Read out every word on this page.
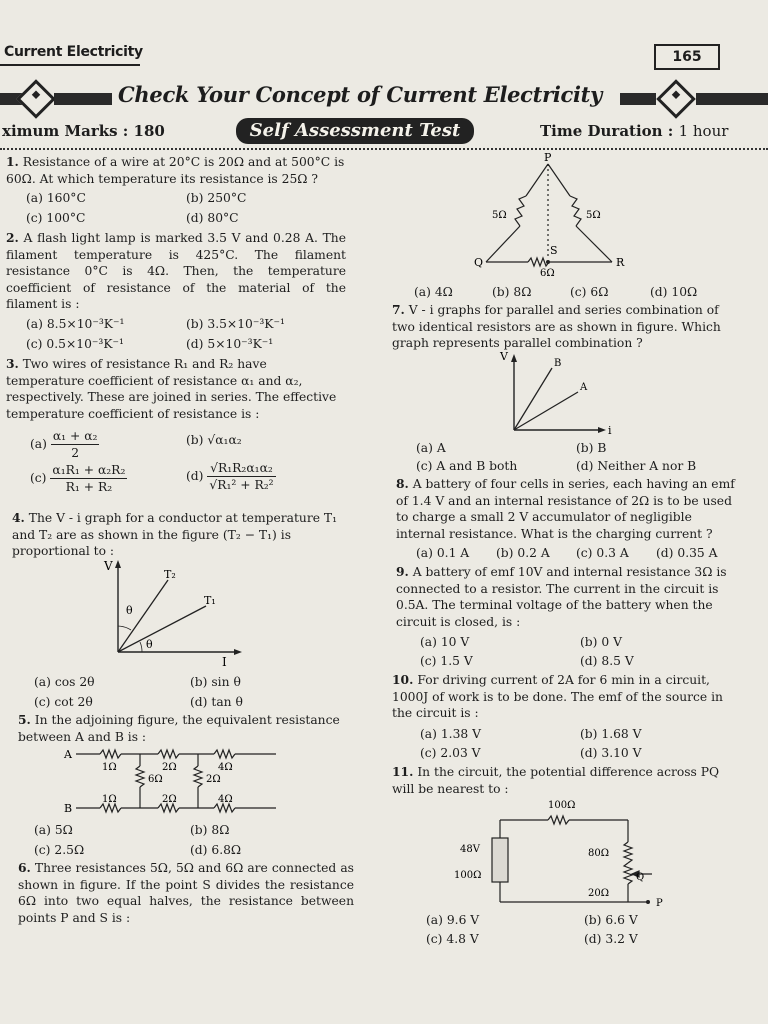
Current Electricity	165
Check Your Concept of Current Electricity
ximum Marks : 180	Self Assessment Test	Time Duration : 1 hour
1. Resistance of a wire at 20°C is 20Ω and at 500°C is 60Ω. At which temperature its resistance is 25Ω ?
(a) 160°C	(b) 250°C
(c) 100°C	(d) 80°C
2. A flash light lamp is marked 3.5 V and 0.28 A. The filament temperature is 425°C. The filament resistance 0°C is 4Ω. Then, the temperature coefficient of resistance of the material of the filament is :
(a) 8.5×10⁻³K⁻¹	(b) 3.5×10⁻³K⁻¹
(c) 0.5×10⁻³K⁻¹	(d) 5×10⁻³K⁻¹
3. Two wires of resistance R₁ and R₂ have temperature coefficient of resistance α₁ and α₂, respectively. These are joined in series. The effective temperature coefficient of resistance is :
$(a) \frac{\text{α₁ + α₂}}{2}$	(b) √α₁α₂
$(c) \frac{\text{α₁R₁ + α₂R₂}}{\text{R₁ + R₂}}$	$(d) \frac{\text{√R₁R₂α₁α₂}}{\text{√R₁² + R₂²}}$
4. The V - i graph for a conductor at temperature T₁ and T₂ are as shown in the figure (T₂ − T₁) is proportional to :
V
I
T₂
T₁
θ
θ
(a) cos 2θ	(b) sin θ
(c) cot 2θ	(d) tan θ
5. In the adjoining figure, the equivalent resistance between A and B is :
A
B
1Ω	2Ω	4Ω
6Ω	2Ω
1Ω	2Ω	4Ω
(a) 5Ω	(b) 8Ω
(c) 2.5Ω	(d) 6.8Ω
6. Three resistances 5Ω, 5Ω and 6Ω are connected as shown in figure. If the point S divides the resistance 6Ω into two equal halves, the resistance between points P and S is :
P
Q	R
S
5Ω	5Ω
6Ω
(a) 4Ω	(b) 8Ω	(c) 6Ω	(d) 10Ω
7. V - i graphs for parallel and series combination of two identical resistors are as shown in figure. Which graph represents parallel combination ?
V
i
B
A
(a) A	(b) B
(c) A and B both	(d) Neither A nor B
8. A battery of four cells in series, each having an emf of 1.4 V and an internal resistance of 2Ω is to be used to charge a small 2 V accumulator of negligible internal resistance. What is the charging current ?
(a) 0.1 A (b) 0.2 A (c) 0.3 A (d) 0.35 A
9. A battery of emf 10V and internal resistance 3Ω is connected to a resistor. The current in the circuit is 0.5A. The terminal voltage of the battery when the circuit is closed, is :
(a) 10 V	(b) 0 V
(c) 1.5 V	(d) 8.5 V
10. For driving current of 2A for 6 min in a circuit, 1000J of work is to be done. The emf of the source in the circuit is :
(a) 1.38 V	(b) 1.68 V
(c) 2.03 V	(d) 3.10 V
11. In the circuit, the potential difference across PQ will be nearest to :
100Ω
48V
100Ω
80Ω
20Ω
Q
P
(a) 9.6 V	(b) 6.6 V
(c) 4.8 V	(d) 3.2 V
